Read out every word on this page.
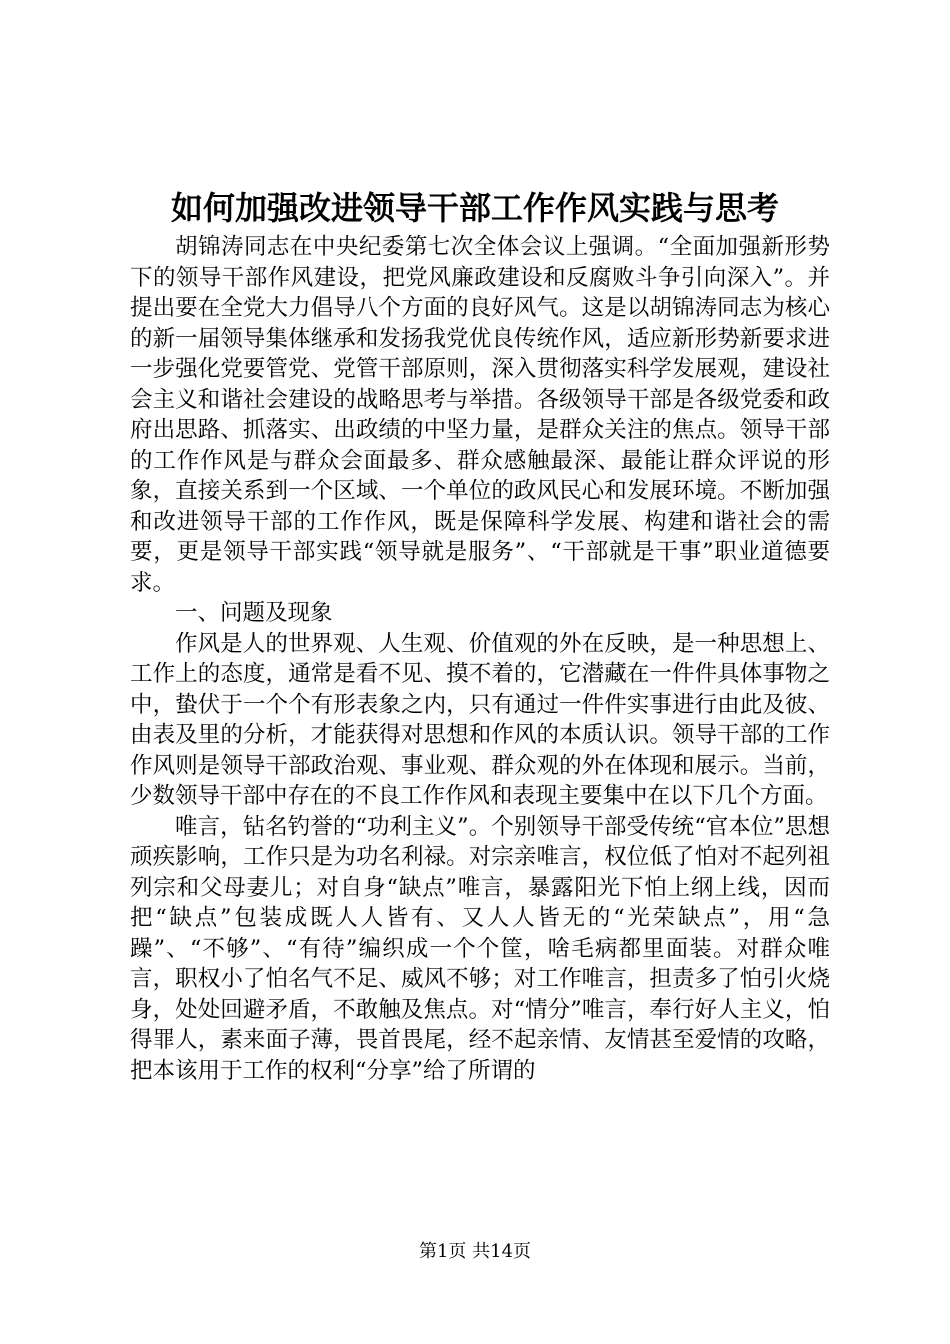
如何加强改进领导干部工作作风实践与思考

胡锦涛同志在中央纪委第七次全体会议上强调。“全面加强新形势下的领导干部作风建设，把党风廉政建设和反腐败斗争引向深入”。并提出要在全党大力倡导八个方面的良好风气。这是以胡锦涛同志为核心的新一届领导集体继承和发扬我党优良传统作风，适应新形势新要求进一步强化党要管党、党管干部原则，深入贯彻落实科学发展观，建设社会主义和谐社会建设的战略思考与举措。各级领导干部是各级党委和政府出思路、抓落实、出政绩的中坚力量，是群众关注的焦点。领导干部的工作作风是与群众会面最多、群众感触最深、最能让群众评说的形象，直接关系到一个区域、一个单位的政风民心和发展环境。不断加强和改进领导干部的工作作风，既是保障科学发展、构建和谐社会的需要，更是领导干部实践“领导就是服务”、“干部就是干事”职业道德要求。

一、问题及现象

作风是人的世界观、人生观、价值观的外在反映，是一种思想上、工作上的态度，通常是看不见、摸不着的，它潜藏在一件件具体事物之中，蛰伏于一个个有形表象之内，只有通过一件件实事进行由此及彼、由表及里的分析，才能获得对思想和作风的本质认识。领导干部的工作作风则是领导干部政治观、事业观、群众观的外在体现和展示。当前，少数领导干部中存在的不良工作作风和表现主要集中在以下几个方面。

唯言，钻名钓誉的“功利主义”。个别领导干部受传统“官本位”思想顽疾影响，工作只是为功名利禄。对宗亲唯言，权位低了怕对不起列祖列宗和父母妻儿；对自身“缺点”唯言，暴露阳光下怕上纲上线，因而把“缺点”包装成既人人皆有、又人人皆无的“光荣缺点”，用“急躁”、“不够”、“有待”编织成一个个筐，啥毛病都里面装。对群众唯言，职权小了怕名气不足、威风不够；对工作唯言，担责多了怕引火烧身，处处回避矛盾，不敢触及焦点。对“情分”唯言，奉行好人主义，怕得罪人，素来面子薄，畏首畏尾，经不起亲情、友情甚至爱情的攻略，把本该用于工作的权利“分享”给了所谓的

第1页 共14页
